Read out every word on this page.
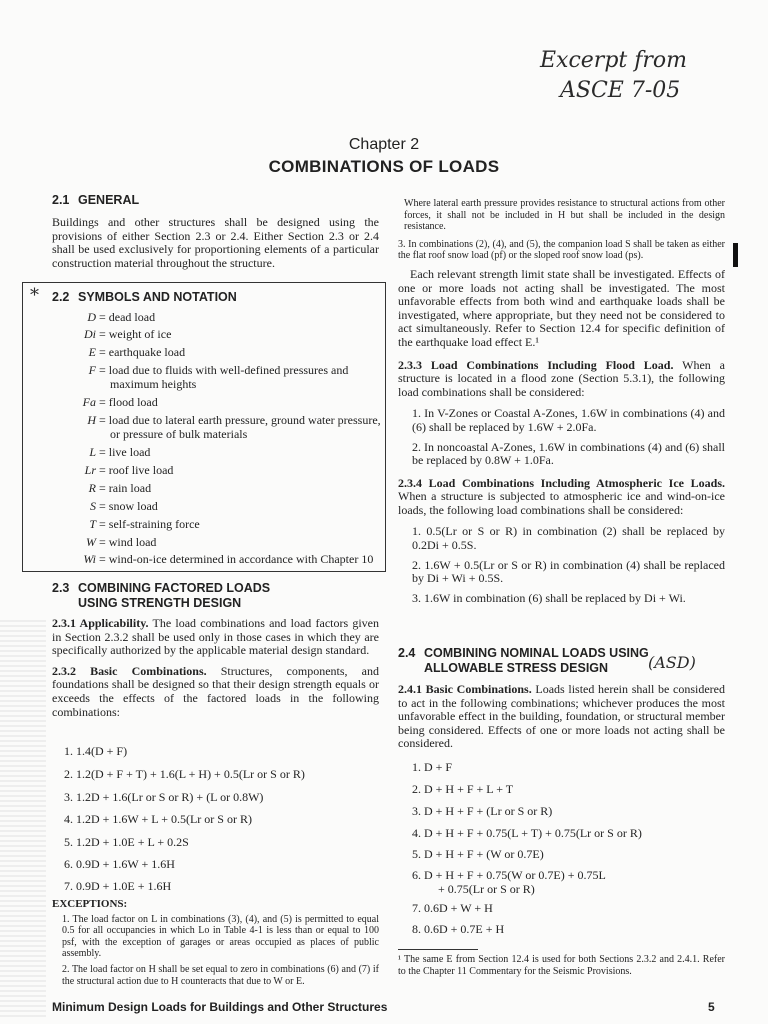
Excerpt from
ASCE 7-05
*
(ASD)
Chapter 2
COMBINATIONS OF LOADS
2.1 GENERAL

Buildings and other structures shall be designed using the provisions of either Section 2.3 or 2.4. Either Section 2.3 or 2.4 shall be used exclusively for proportioning elements of a particular construction material throughout the structure.

2.2 SYMBOLS AND NOTATION
D = dead load
Di = weight of ice
E = earthquake load
F = load due to fluids with well-defined pressures and
maximum heights
Fa = flood load
H = load due to lateral earth pressure, ground water pressure,
or pressure of bulk materials
L = live load
Lr = roof live load
R = rain load
S = snow load
T = self-straining force
W = wind load
Wi = wind-on-ice determined in accordance with Chapter 10
2.3 COMBINING FACTORED LOADS
USING STRENGTH DESIGN

2.3.1 Applicability. The load combinations and load factors given in Section 2.3.2 shall be used only in those cases in which they are specifically authorized by the applicable material design standard.

2.3.2 Basic Combinations. Structures, components, and foundations shall be designed so that their design strength equals or exceeds the effects of the factored loads in the following combinations:

1. 1.4(D + F)
2. 1.2(D + F + T) + 1.6(L + H) + 0.5(Lr or S or R)
3. 1.2D + 1.6(Lr or S or R) + (L or 0.8W)
4. 1.2D + 1.6W + L + 0.5(Lr or S or R)
5. 1.2D + 1.0E + L + 0.2S
6. 0.9D + 1.6W + 1.6H
7. 0.9D + 1.0E + 1.6H
EXCEPTIONS:

1. The load factor on L in combinations (3), (4), and (5) is permitted to equal 0.5 for all occupancies in which Lo in Table 4-1 is less than or equal to 100 psf, with the exception of garages or areas occupied as places of public assembly.

2. The load factor on H shall be set equal to zero in combinations (6) and (7) if the structural action due to H counteracts that due to W or E.

Where lateral earth pressure provides resistance to structural actions from other forces, it shall not be included in H but shall be included in the design resistance.

3. In combinations (2), (4), and (5), the companion load S shall be taken as either the flat roof snow load (pf) or the sloped roof snow load (ps).

Each relevant strength limit state shall be investigated. Effects of one or more loads not acting shall be investigated. The most unfavorable effects from both wind and earthquake loads shall be investigated, where appropriate, but they need not be considered to act simultaneously. Refer to Section 12.4 for specific definition of the earthquake load effect E.¹

2.3.3 Load Combinations Including Flood Load. When a structure is located in a flood zone (Section 5.3.1), the following load combinations shall be considered:

1. In V-Zones or Coastal A-Zones, 1.6W in combinations (4) and (6) shall be replaced by 1.6W + 2.0Fa.

2. In noncoastal A-Zones, 1.6W in combinations (4) and (6) shall be replaced by 0.8W + 1.0Fa.

2.3.4 Load Combinations Including Atmospheric Ice Loads. When a structure is subjected to atmospheric ice and wind-on-ice loads, the following load combinations shall be considered:

1. 0.5(Lr or S or R) in combination (2) shall be replaced by 0.2Di + 0.5S.

2. 1.6W + 0.5(Lr or S or R) in combination (4) shall be replaced by Di + Wi + 0.5S.

3. 1.6W in combination (6) shall be replaced by Di + Wi.

2.4 COMBINING NOMINAL LOADS USING
ALLOWABLE STRESS DESIGN

2.4.1 Basic Combinations. Loads listed herein shall be considered to act in the following combinations; whichever produces the most unfavorable effect in the building, foundation, or structural member being considered. Effects of one or more loads not acting shall be considered.

1. D + F
2. D + H + F + L + T
3. D + H + F + (Lr or S or R)
4. D + H + F + 0.75(L + T) + 0.75(Lr or S or R)
5. D + H + F + (W or 0.7E)
6. D + H + F + 0.75(W or 0.7E) + 0.75L
+ 0.75(Lr or S or R)
7. 0.6D + W + H
8. 0.6D + 0.7E + H

¹ The same E from Section 12.4 is used for both Sections 2.3.2 and 2.4.1. Refer to the Chapter 11 Commentary for the Seismic Provisions.

Minimum Design Loads for Buildings and Other Structures	5
